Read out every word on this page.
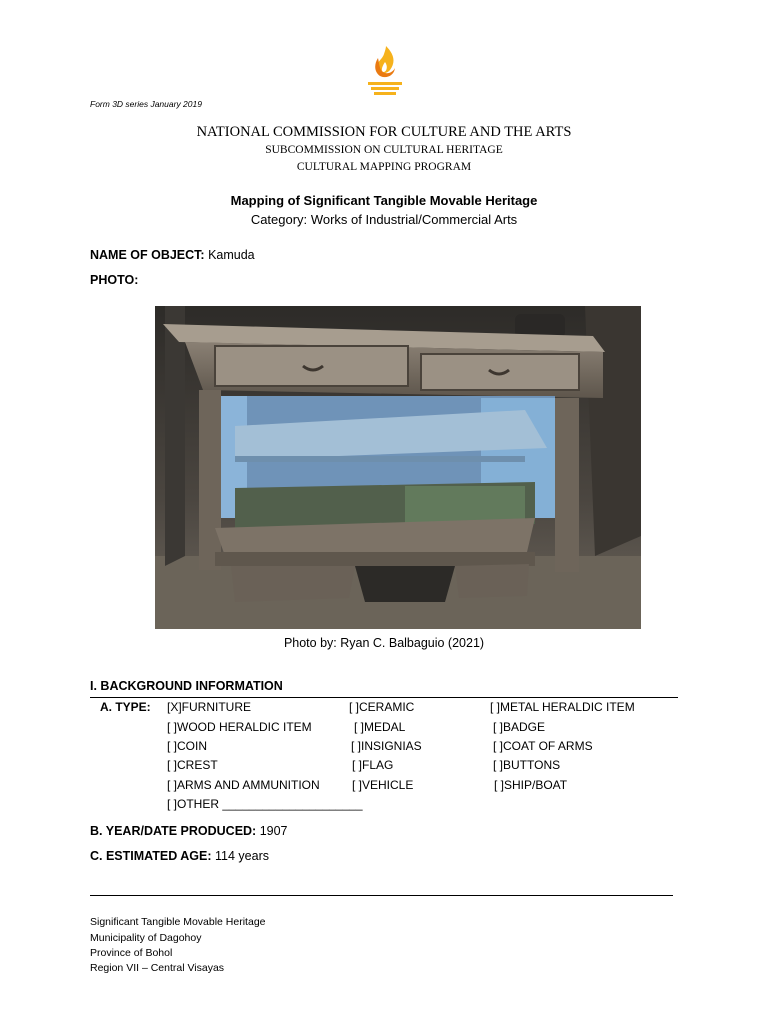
Form 3D series January 2019
NATIONAL COMMISSION FOR CULTURE AND THE ARTS
SUBCOMMISSION ON CULTURAL HERITAGE
CULTURAL MAPPING PROGRAM
Mapping of Significant Tangible Movable Heritage
Category: Works of Industrial/Commercial Arts
NAME OF OBJECT: Kamuda
PHOTO:
Photo by: Ryan C. Balbaguio (2021)
I. BACKGROUND INFORMATION
A. TYPE: [X]FURNITURE	[ ]CERAMIC	[ ]METAL HERALDIC ITEM
[ ]WOOD HERALDIC ITEM	[ ]MEDAL	[ ]BADGE
[ ]COIN	[ ]INSIGNIAS	[ ]COAT OF ARMS
[ ]CREST	[ ]FLAG	[ ]BUTTONS
[ ]ARMS AND AMMUNITION	[ ]VEHICLE	[ ]SHIP/BOAT
[ ]OTHER _____________________
B. YEAR/DATE PRODUCED: 1907
C. ESTIMATED AGE: 114 years
Significant Tangible Movable Heritage
Municipality of Dagohoy
Province of Bohol
Region VII – Central Visayas
